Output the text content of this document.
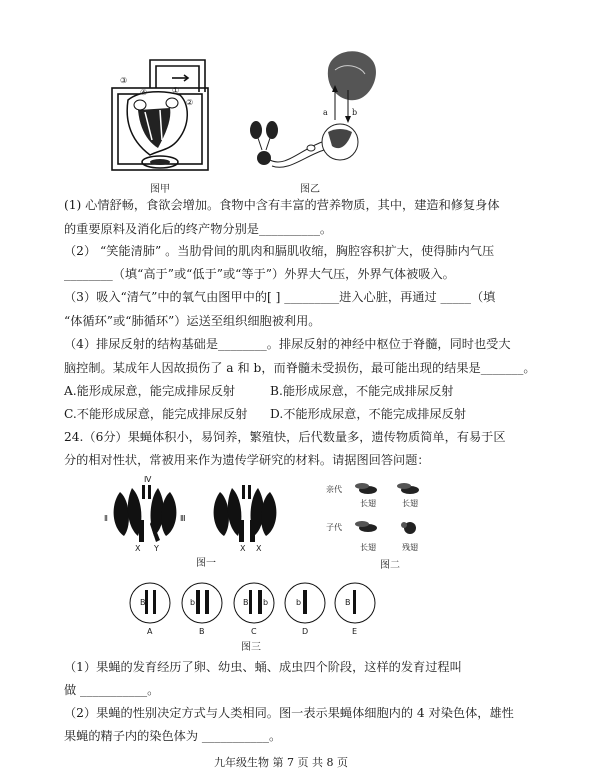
③
④	①
②
图甲
a	b
图乙
(1) 心情舒畅，食欲会增加。食物中含有丰富的营养物质，其中，建造和修复身体
的重要原料及消化后的终产物分别是__________。
（2） “笑能清肺” 。当肋骨间的肌肉和膈肌收缩，胸腔容积扩大，使得肺内气压
________（填“高于”或“低于”或“等于”）外界大气压，外界气体被吸入。
（3）吸入“清气”中的氧气由图甲中的[ ] _________进入心脏，再通过 _____（填
“体循环”或“肺循环”）运送至组织细胞被利用。
（4）排尿反射的结构基础是________。排尿反射的神经中枢位于脊髓，同时也受大
脑控制。某成年人因故损伤了 a 和 b，而脊髓未受损伤，最可能出现的结果是_______。
A.能形成尿意，能完成排尿反射	B.能形成尿意，不能完成排尿反射
C.不能形成尿意，能完成排尿反射 D.不能形成尿意，不能完成排尿反射
24.（6分）果蝇体积小，易饲养，繁殖快，后代数量多，遗传物质简单，有易于区
分的相对性状，常被用来作为遗传学研究的材料。请据图回答问题：
Ⅳ
Ⅱ	Ⅲ
X Y	X X
图一
亲代
子代
长翅	长翅
长翅	残翅
图二
B	b	B b	b	B
A	B	C	D	E
图三
（1）果蝇的发育经历了卵、幼虫、蛹、成虫四个阶段，这样的发育过程叫
做 ___________。
（2）果蝇的性别决定方式与人类相同。图一表示果蝇体细胞内的 4 对染色体，雄性
果蝇的精子内的染色体为 ___________。
九年级生物 第 7 页 共 8 页
